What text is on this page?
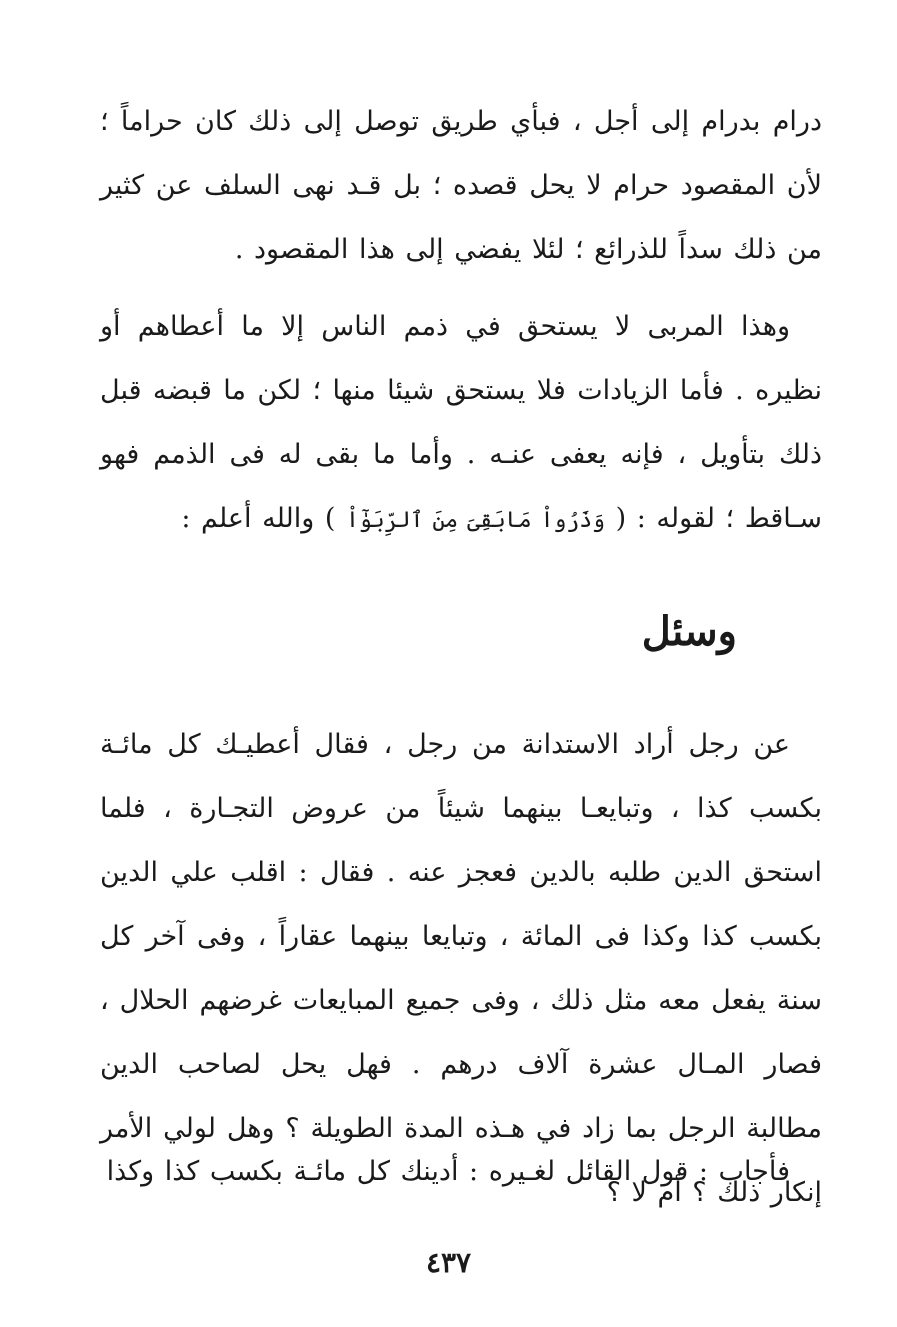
درام بدرام إلى أجل ، فبأي طريق توصل إلى ذلك كان حراماً ؛ لأن المقصود حرام لا يحل قصده ؛ بل قـد نهى السلف عن كثير من ذلك سداً للذرائع ؛ لئلا يفضي إلى هذا المقصود .

وهذا المربى لا يستحق في ذمم الناس إلا ما أعطاهم أو نظيره . فأما الزيادات فلا يستحق شيئا منها ؛ لكن ما قبضه قبل ذلك بتأويل ، فإنه يعفى عنـه . وأما ما بقى له فى الذمم فهو سـاقط ؛ لقوله : ( وَذَرُواْ مَابَقِىَ مِنَ ٱلرِّبَوٰٓاْ ) والله أعلم :

وسئل

عن رجل أراد الاستدانة من رجل ، فقال أعطيـك كل مائـة بكسب كذا ، وتبايعـا بينهما شيئاً من عروض التجـارة ، فلما استحق الدين طلبه بالدين فعجز عنه . فقال : اقلب علي الدين بكسب كذا وكذا فى المائة ، وتبايعا بينهما عقاراً ، وفى آخر كل سنة يفعل معه مثل ذلك ، وفى جميع المبايعات غرضهم الحلال ، فصار المـال عشرة آلاف درهم . فهل يحل لصاحب الدين مطالبة الرجل بما زاد في هـذه المدة الطويلة ؟ وهل لولي الأمر إنكار ذلك ؟ أم لا ؟

فأجاب : قول القائل لغـيره : أدينك كل مائـة بكسب كذا وكذا

٤٣٧
